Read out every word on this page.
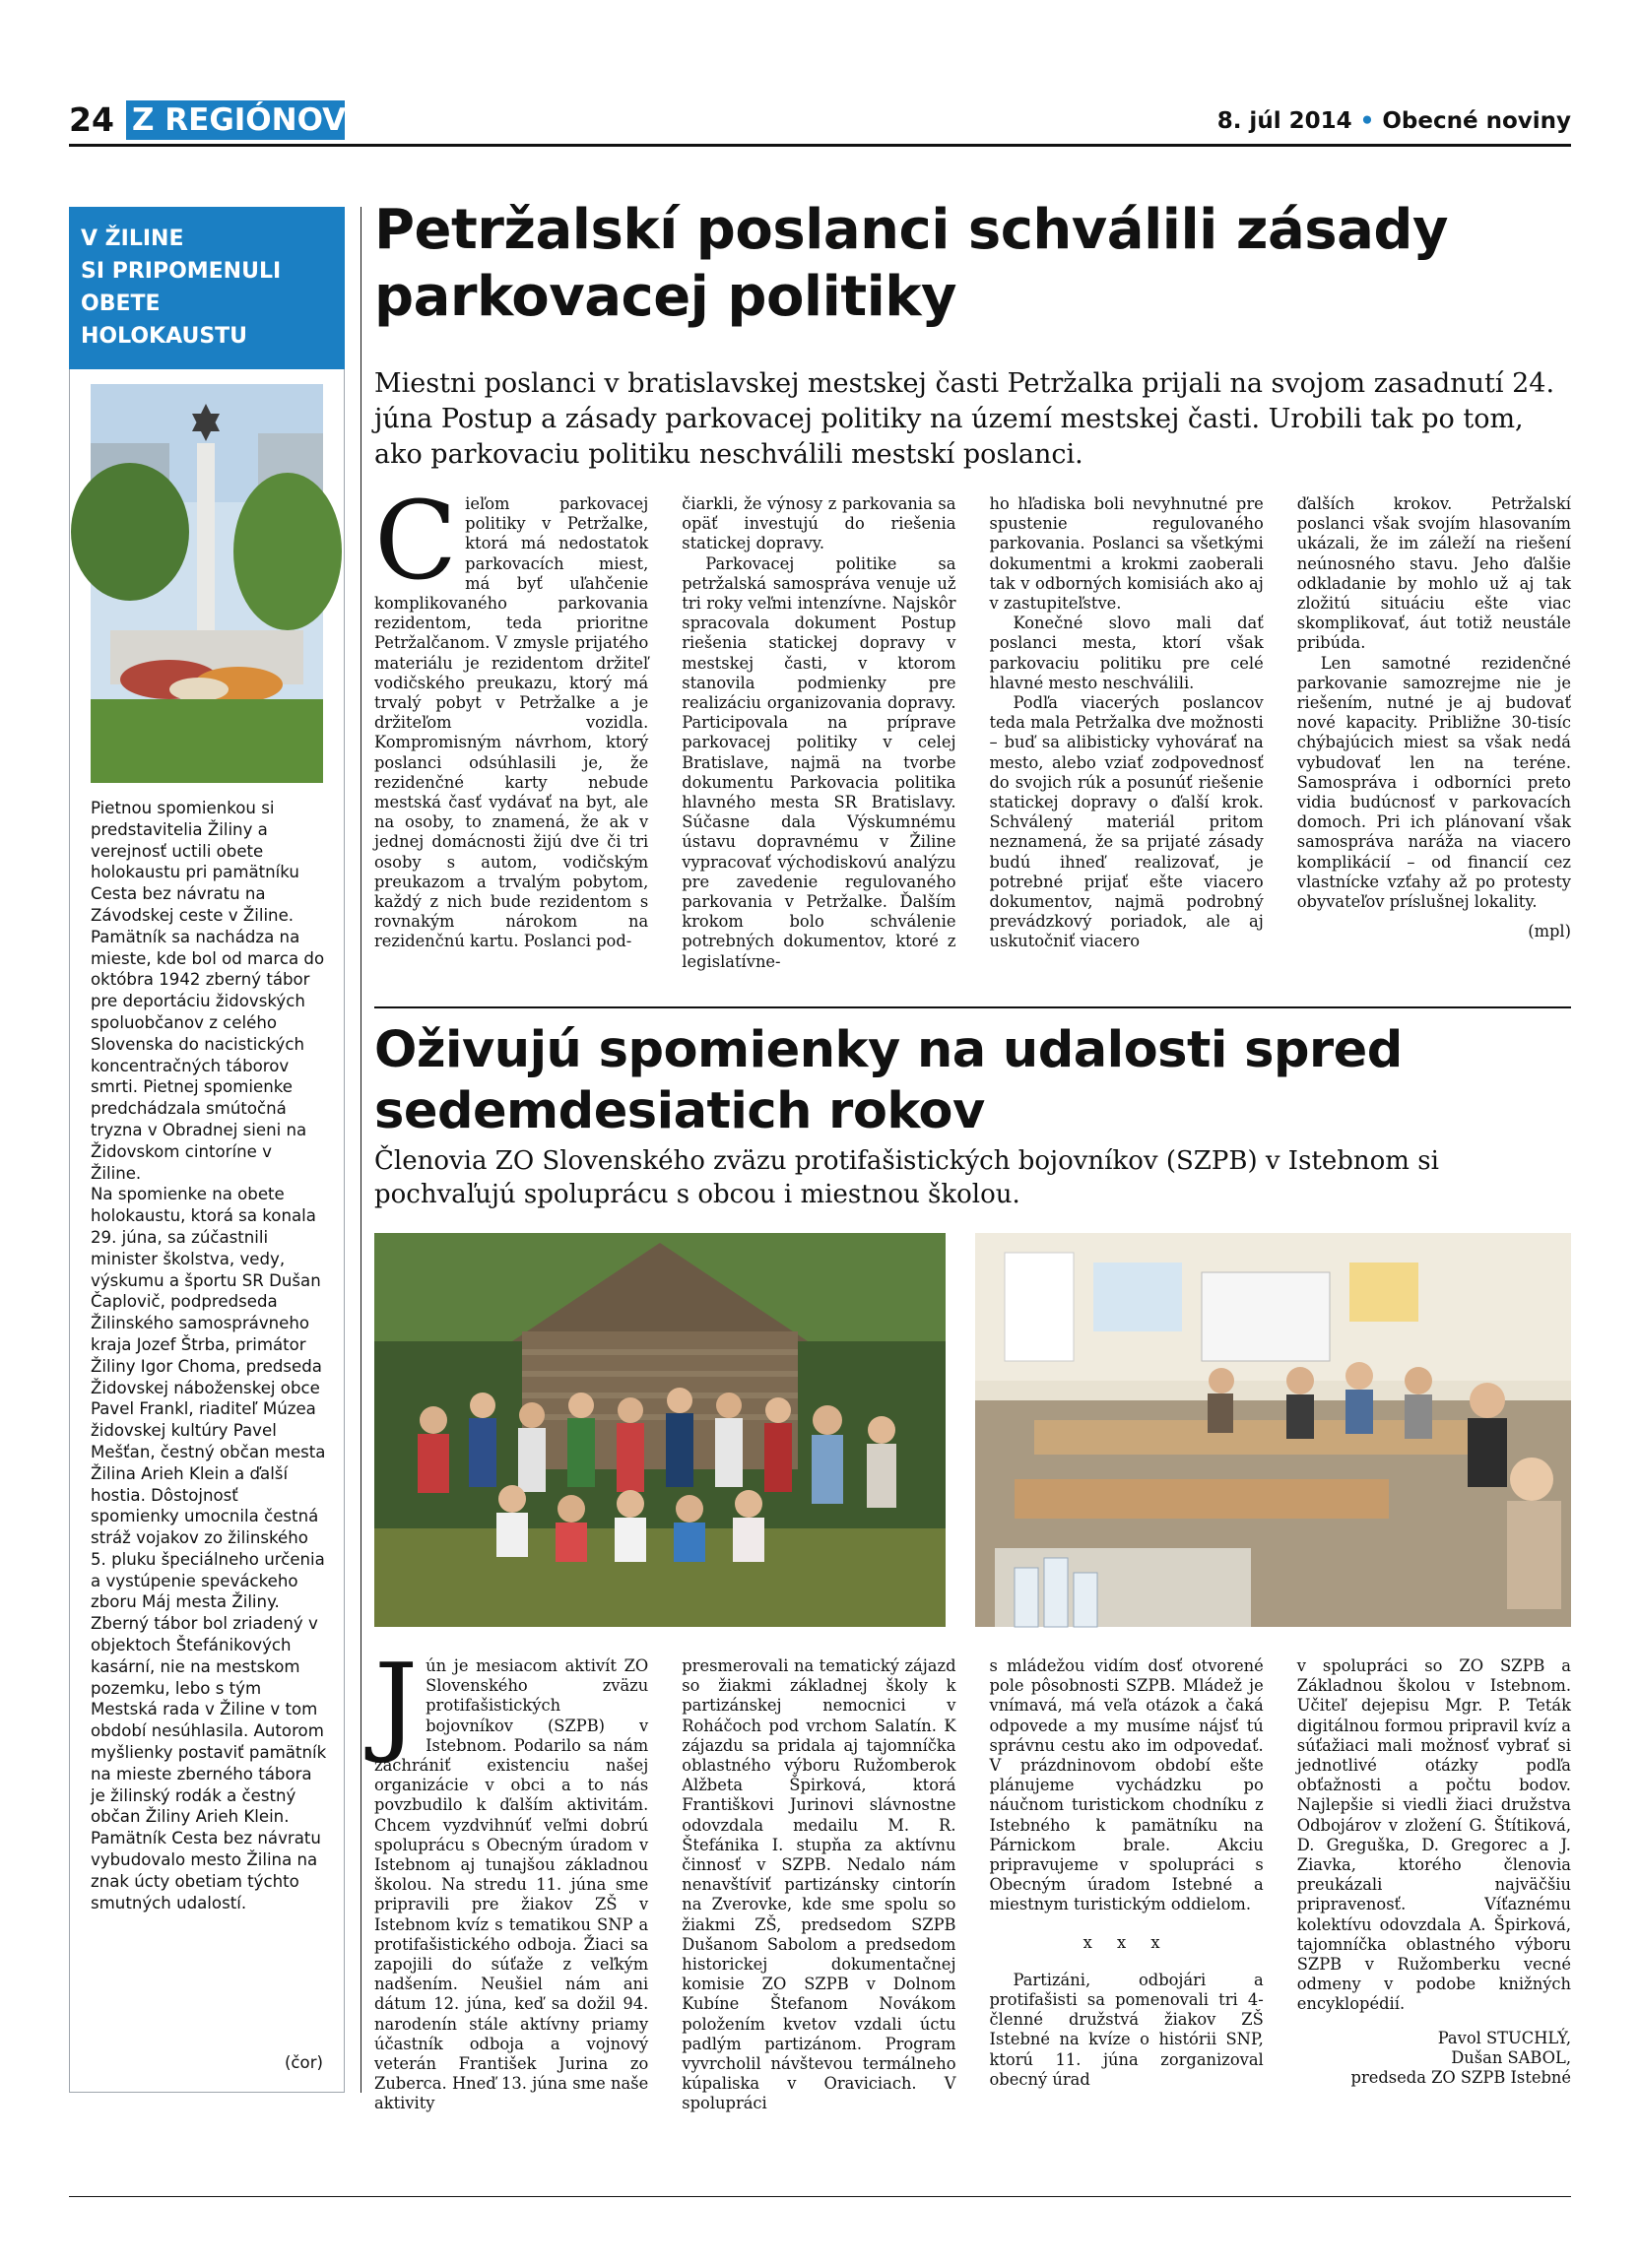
24 Z REGIÓNOV	8. júl 2014 • Obecné noviny
V ŽILINE
SI PRIPOMENULI
OBETE
HOLOKAUSTU

Pietnou spomienkou si predstavitelia Žiliny a verejnosť uctili obete holokaustu pri pamätníku Cesta bez návratu na Závodskej ceste v Žiline. Pamätník sa nachádza na mieste, kde bol od marca do októbra 1942 zberný tábor pre deportáciu židovských spoluobčanov z celého Slovenska do nacistických koncentračných táborov smrti. Pietnej spomienke predchádzala smútočná tryzna v Obradnej sieni na Židovskom cintoríne v Žiline.

Na spomienke na obete holokaustu, ktorá sa konala 29. júna, sa zúčastnili minister školstva, vedy, výskumu a športu SR Dušan Čaplovič, podpredseda Žilinského samosprávneho kraja Jozef Štrba, primátor Žiliny Igor Choma, predseda Židovskej náboženskej obce Pavel Frankl, riaditeľ Múzea židovskej kultúry Pavel Mešťan, čestný občan mesta Žilina Arieh Klein a ďalší hostia. Dôstojnosť spomienky umocnila čestná stráž vojakov zo žilinského 5. pluku špeciálneho určenia a vystúpenie speváckeho zboru Máj mesta Žiliny.

Zberný tábor bol zriadený v objektoch Štefánikových kasární, nie na mestskom pozemku, lebo s tým Mestská rada v Žiline v tom období nesúhlasila. Autorom myšlienky postaviť pamätník na mieste zberného tábora je žilinský rodák a čestný občan Žiliny Arieh Klein. Pamätník Cesta bez návratu vybudovalo mesto Žilina na znak úcty obetiam týchto smutných udalostí.

(čor)
Petržalskí poslanci schválili zásady parkovacej politiky
Miestni poslanci v bratislavskej mestskej časti Petržalka prijali na svojom zasadnutí 24. júna Postup a zásady parkovacej politiky na území mestskej časti. Urobili tak po tom, ako parkovaciu politiku neschválili mestskí poslanci.
C ieľom parkovacej politiky v Petržalke, ktorá má nedostatok parkovacích miest, má byť uľahčenie komplikovaného parkovania rezidentom, teda prioritne Petržalčanom. V zmysle prijatého materiálu je rezidentom držiteľ vodičského preukazu, ktorý má trvalý pobyt v Petržalke a je držiteľom vozidla. Kompromisným návrhom, ktorý poslanci odsúhlasili je, že rezidenčné karty nebude mestská časť vydávať na byt, ale na osoby, to znamená, že ak v jednej domácnosti žijú dve či tri osoby s autom, vodičským preukazom a trvalým pobytom, každý z nich bude rezidentom s rovnakým nárokom na rezidenčnú kartu. Poslanci pod-

čiarkli, že výnosy z parkovania sa opäť investujú do riešenia statickej dopravy.

Parkovacej politike sa petržalská samospráva venuje už tri roky veľmi intenzívne. Najskôr spracovala dokument Postup riešenia statickej dopravy v mestskej časti, v ktorom stanovila podmienky pre realizáciu organizovania dopravy. Participovala na príprave parkovacej politiky v celej Bratislave, najmä na tvorbe dokumentu Parkovacia politika hlavného mesta SR Bratislavy. Súčasne dala Výskumnému ústavu dopravnému v Žiline vypracovať východiskovú analýzu pre zavedenie regulovaného parkovania v Petržalke. Ďalším krokom bolo schválenie potrebných dokumentov, ktoré z legislatívne-

ho hľadiska boli nevyhnutné pre spustenie regulovaného parkovania. Poslanci sa všetkými dokumentmi a krokmi zaoberali tak v odborných komisiách ako aj v zastupiteľstve.

Konečné slovo mali dať poslanci mesta, ktorí však parkovaciu politiku pre celé hlavné mesto neschválili.

Podľa viacerých poslancov teda mala Petržalka dve možnosti – buď sa alibisticky vyhovárať na mesto, alebo vziať zodpovednosť do svojich rúk a posunúť riešenie statickej dopravy o ďalší krok. Schválený materiál pritom neznamená, že sa prijaté zásady budú ihneď realizovať, je potrebné prijať ešte viacero dokumentov, najmä podrobný prevádzkový poriadok, ale aj uskutočniť viacero

ďalších krokov. Petržalskí poslanci však svojím hlasovaním ukázali, že im záleží na riešení neúnosného stavu. Jeho ďalšie odkladanie by mohlo už aj tak zložitú situáciu ešte viac skomplikovať, áut totiž neustále pribúda.

Len samotné rezidenčné parkovanie samozrejme nie je riešením, nutné je aj budovať nové kapacity. Približne 30-tisíc chýbajúcich miest sa však nedá vybudovať len na teréne. Samospráva i odborníci preto vidia budúcnosť v parkovacích domoch. Pri ich plánovaní však samospráva naráža na viacero komplikácií – od financií cez vlastnícke vzťahy až po protesty obyvateľov príslušnej lokality.

(mpl)
Oživujú spomienky na udalosti spred sedemdesiatich rokov
Členovia ZO Slovenského zväzu protifašistických bojovníkov (SZPB) v Istebnom si pochvaľujú spoluprácu s obcou i miestnou školou.
J ún je mesiacom aktivít ZO Slovenského zväzu protifašistických bojovníkov (SZPB) v Istebnom. Podarilo sa nám zachrániť existenciu našej organizácie v obci a to nás povzbudilo k ďalším aktivitám. Chcem vyzdvihnúť veľmi dobrú spoluprácu s Obecným úradom v Istebnom aj tunajšou základnou školou. Na stredu 11. júna sme pripravili pre žiakov ZŠ v Istebnom kvíz s tematikou SNP a protifašistického odboja. Žiaci sa zapojili do súťaže z veľkým nadšením. Neušiel nám ani dátum 12. júna, keď sa dožil 94. narodenín stále aktívny priamy účastník odboja a vojnový veterán František Jurina zo Zuberca. Hneď 13. júna sme naše aktivity

presmerovali na tematický zájazd so žiakmi základnej školy k partizánskej nemocnici v Roháčoch pod vrchom Salatín. K zájazdu sa pridala aj tajomníčka oblastného výboru Ružomberok Alžbeta Špirková, ktorá Františkovi Jurinovi slávnostne odovzdala medailu M. R. Štefánika I. stupňa za aktívnu činnosť v SZPB. Nedalo nám nenavštíviť partizánsky cintorín na Zverovke, kde sme spolu so žiakmi ZŠ, predsedom SZPB Dušanom Sabolom a predsedom historickej dokumentačnej komisie ZO SZPB v Dolnom Kubíne Štefanom Novákom položením kvetov vzdali úctu padlým partizánom. Program vyvrcholil návštevou termálneho kúpaliska v Oraviciach. V spolupráci

s mládežou vidím dosť otvorené pole pôsobnosti SZPB. Mládež je vnímavá, má veľa otázok a čaká odpovede a my musíme nájsť tú správnu cestu ako im odpovedať. V prázdninovom období ešte plánujeme vychádzku po náučnom turistickom chodníku z Istebného k pamätníku na Párnickom brale. Akciu pripravujeme v spolupráci s Obecným úradom Istebné a miestnym turistickým oddielom.

x x x

Partizáni, odbojári a protifašisti sa pomenovali tri 4-členné družstvá žiakov ZŠ Istebné na kvíze o histórii SNP, ktorú 11. júna zorganizoval obecný úrad

v spolupráci so ZO SZPB a Základnou školou v Istebnom. Učiteľ dejepisu Mgr. P. Teták digitálnou formou pripravil kvíz a súťažiaci mali možnosť vybrať si jednotlivé otázky podľa obťažnosti a počtu bodov. Najlepšie si viedli žiaci družstva Odbojárov v zložení G. Štítiková, D. Greguška, D. Gregorec a J. Ziavka, ktorého členovia preukázali najväčšiu pripravenosť. Víťaznému kolektívu odovzdala A. Špirková, tajomníčka oblastného výboru SZPB v Ružomberku vecné odmeny v podobe knižných encyklopédií.

Pavol STUCHLÝ,
Dušan SABOL,
predseda ZO SZPB Istebné
